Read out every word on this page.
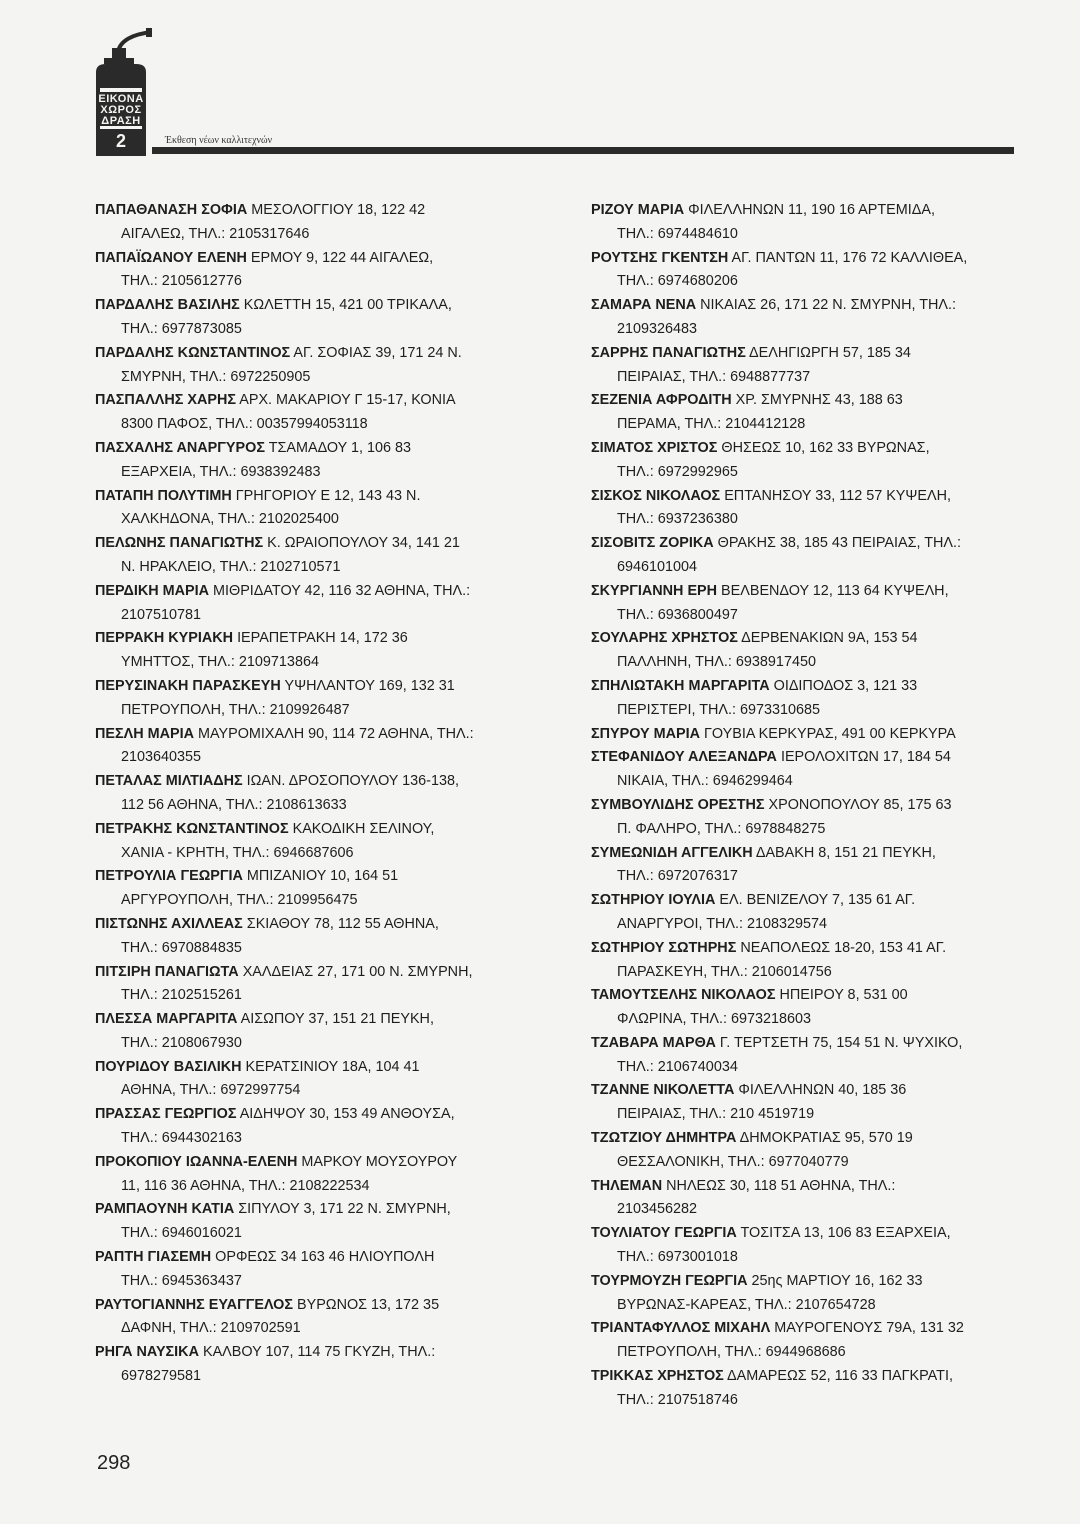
ΕΙΚΟΝΑ
ΧΩΡΟΣ
ΔΡΑΣΗ
2	Έκθεση νέων καλλιτεχνών
ΠΑΠΑΘΑΝΑΣΗ ΣΟΦΙΑ ΜΕΣΟΛΟΓΓΙΟΥ 18, 122 42
ΑΙΓΑΛΕΩ, ΤΗΛ.: 2105317646
ΠΑΠΑΪΩΑΝΟΥ ΕΛΕΝΗ ΕΡΜΟΥ 9, 122 44 ΑΙΓΑΛΕΩ,
ΤΗΛ.: 2105612776
ΠΑΡΔΑΛΗΣ ΒΑΣΙΛΗΣ ΚΩΛΕΤΤΗ 15, 421 00 ΤΡΙΚΑΛΑ,
ΤΗΛ.: 6977873085
ΠΑΡΔΑΛΗΣ ΚΩΝΣΤΑΝΤΙΝΟΣ ΑΓ. ΣΟΦΙΑΣ 39, 171 24 Ν.
ΣΜΥΡΝΗ, ΤΗΛ.: 6972250905
ΠΑΣΠΑΛΛΗΣ ΧΑΡΗΣ ΑΡΧ. ΜΑΚΑΡΙΟΥ Γ 15-17, ΚΟΝΙΑ
8300 ΠΑΦΟΣ, ΤΗΛ.: 00357994053118
ΠΑΣΧΑΛΗΣ ΑΝΑΡΓΥΡΟΣ ΤΣΑΜΑΔΟΥ 1, 106 83
ΕΞΑΡΧΕΙΑ, ΤΗΛ.: 6938392483
ΠΑΤΑΠΗ ΠΟΛΥΤΙΜΗ ΓΡΗΓΟΡΙΟΥ Ε 12, 143 43 Ν.
ΧΑΛΚΗΔΟΝΑ, ΤΗΛ.: 2102025400
ΠΕΛΩΝΗΣ ΠΑΝΑΓΙΩΤΗΣ Κ. ΩΡΑΙΟΠΟΥΛΟΥ 34, 141 21
Ν. ΗΡΑΚΛΕΙΟ, ΤΗΛ.: 2102710571
ΠΕΡΔΙΚΗ ΜΑΡΙΑ ΜΙΘΡΙΔΑΤΟΥ 42, 116 32 ΑΘΗΝΑ, ΤΗΛ.:
2107510781
ΠΕΡΡΑΚΗ ΚΥΡΙΑΚΗ ΙΕΡΑΠΕΤΡΑΚΗ 14, 172 36
ΥΜΗΤΤΟΣ, ΤΗΛ.: 2109713864
ΠΕΡΥΣΙΝΑΚΗ ΠΑΡΑΣΚΕΥΗ ΥΨΗΛΑΝΤΟΥ 169, 132 31
ΠΕΤΡΟΥΠΟΛΗ, ΤΗΛ.: 2109926487
ΠΕΣΛΗ ΜΑΡΙΑ ΜΑΥΡΟΜΙΧΑΛΗ 90, 114 72 ΑΘΗΝΑ, ΤΗΛ.:
2103640355
ΠΕΤΑΛΑΣ ΜΙΛΤΙΑΔΗΣ ΙΩΑΝ. ΔΡΟΣΟΠΟΥΛΟΥ 136-138,
112 56 ΑΘΗΝΑ, ΤΗΛ.: 2108613633
ΠΕΤΡΑΚΗΣ ΚΩΝΣΤΑΝΤΙΝΟΣ ΚΑΚΟΔΙΚΗ ΣΕΛΙΝΟΥ,
ΧΑΝΙΑ - ΚΡΗΤΗ, ΤΗΛ.: 6946687606
ΠΕΤΡΟΥΛΙΑ ΓΕΩΡΓΙΑ ΜΠΙΖΑΝΙΟΥ 10, 164 51
ΑΡΓΥΡΟΥΠΟΛΗ, ΤΗΛ.: 2109956475
ΠΙΣΤΩΝΗΣ ΑΧΙΛΛΕΑΣ ΣΚΙΑΘΟΥ 78, 112 55 ΑΘΗΝΑ,
ΤΗΛ.: 6970884835
ΠΙΤΣΙΡΗ ΠΑΝΑΓΙΩΤΑ ΧΑΛΔΕΙΑΣ 27, 171 00 Ν. ΣΜΥΡΝΗ,
ΤΗΛ.: 2102515261
ΠΛΕΣΣΑ ΜΑΡΓΑΡΙΤΑ ΑΙΣΩΠΟΥ 37, 151 21 ΠΕΥΚΗ,
ΤΗΛ.: 2108067930
ΠΟΥΡΙΔΟΥ ΒΑΣΙΛΙΚΗ ΚΕΡΑΤΣΙΝΙΟΥ 18Α, 104 41
ΑΘΗΝΑ, ΤΗΛ.: 6972997754
ΠΡΑΣΣΑΣ ΓΕΩΡΓΙΟΣ ΑΙΔΗΨΟΥ 30, 153 49 ΑΝΘΟΥΣΑ,
ΤΗΛ.: 6944302163
ΠΡΟΚΟΠΙΟΥ ΙΩΑΝΝΑ-ΕΛΕΝΗ ΜΑΡΚΟΥ ΜΟΥΣΟΥΡΟΥ
11, 116 36 ΑΘΗΝΑ, ΤΗΛ.: 2108222534
ΡΑΜΠΑΟΥΝΗ ΚΑΤΙΑ ΣΙΠΥΛΟΥ 3, 171 22 Ν. ΣΜΥΡΝΗ,
ΤΗΛ.: 6946016021
ΡΑΠΤΗ ΓΙΑΣΕΜΗ ΟΡΦΕΩΣ 34 163 46 ΗΛΙΟΥΠΟΛΗ
ΤΗΛ.: 6945363437
ΡΑΥΤΟΓΙΑΝΝΗΣ ΕΥΑΓΓΕΛΟΣ ΒΥΡΩΝΟΣ 13, 172 35
ΔΑΦΝΗ, ΤΗΛ.: 2109702591
ΡΗΓΑ ΝΑΥΣΙΚΑ ΚΑΛΒΟΥ 107, 114 75 ΓΚΥΖΗ, ΤΗΛ.:
6978279581
ΡΙΖΟΥ ΜΑΡΙΑ ΦΙΛΕΛΛΗΝΩΝ 11, 190 16 ΑΡΤΕΜΙΔΑ,
ΤΗΛ.: 6974484610
ΡΟΥΤΣΗΣ ΓΚΕΝΤΣΗ ΑΓ. ΠΑΝΤΩΝ 11, 176 72 ΚΑΛΛΙΘΕΑ,
ΤΗΛ.: 6974680206
ΣΑΜΑΡΑ ΝΕΝΑ ΝΙΚΑΙΑΣ 26, 171 22 Ν. ΣΜΥΡΝΗ, ΤΗΛ.:
2109326483
ΣΑΡΡΗΣ ΠΑΝΑΓΙΩΤΗΣ ΔΕΛΗΓΙΩΡΓΗ 57, 185 34
ΠΕΙΡΑΙΑΣ, ΤΗΛ.: 6948877737
ΣΕΖΕΝΙΑ ΑΦΡΟΔΙΤΗ ΧΡ. ΣΜΥΡΝΗΣ 43, 188 63
ΠΕΡΑΜΑ, ΤΗΛ.: 2104412128
ΣΙΜΑΤΟΣ ΧΡΙΣΤΟΣ ΘΗΣΕΩΣ 10, 162 33 ΒΥΡΩΝΑΣ,
ΤΗΛ.: 6972992965
ΣΙΣΚΟΣ ΝΙΚΟΛΑΟΣ ΕΠΤΑΝΗΣΟΥ 33, 112 57 ΚΥΨΕΛΗ,
ΤΗΛ.: 6937236380
ΣΙΣΟΒΙΤΣ ΖΟΡΙΚΑ ΘΡΑΚΗΣ 38, 185 43 ΠΕΙΡΑΙΑΣ, ΤΗΛ.:
6946101004
ΣΚΥΡΓΙΑΝΝΗ ΕΡΗ ΒΕΛΒΕΝΔΟΥ 12, 113 64 ΚΥΨΕΛΗ,
ΤΗΛ.: 6936800497
ΣΟΥΛΑΡΗΣ ΧΡΗΣΤΟΣ ΔΕΡΒΕΝΑΚΙΩΝ 9Α, 153 54
ΠΑΛΛΗΝΗ, ΤΗΛ.: 6938917450
ΣΠΗΛΙΩΤΑΚΗ ΜΑΡΓΑΡΙΤΑ ΟΙΔΙΠΟΔΟΣ 3, 121 33
ΠΕΡΙΣΤΕΡΙ, ΤΗΛ.: 6973310685
ΣΠΥΡΟΥ ΜΑΡΙΑ ΓΟΥΒΙΑ ΚΕΡΚΥΡΑΣ, 491 00 ΚΕΡΚΥΡΑ
ΣΤΕΦΑΝΙΔΟΥ ΑΛΕΞΑΝΔΡΑ ΙΕΡΟΛΟΧΙΤΩΝ 17, 184 54
ΝΙΚΑΙΑ, ΤΗΛ.: 6946299464
ΣΥΜΒΟΥΛΙΔΗΣ ΟΡΕΣΤΗΣ ΧΡΟΝΟΠΟΥΛΟΥ 85, 175 63
Π. ΦΑΛΗΡΟ, ΤΗΛ.: 6978848275
ΣΥΜΕΩΝΙΔΗ ΑΓΓΕΛΙΚΗ ΔΑΒΑΚΗ 8, 151 21 ΠΕΥΚΗ,
ΤΗΛ.: 6972076317
ΣΩΤΗΡΙΟΥ ΙΟΥΛΙΑ ΕΛ. ΒΕΝΙΖΕΛΟΥ 7, 135 61 ΑΓ.
ΑΝΑΡΓΥΡΟΙ, ΤΗΛ.: 2108329574
ΣΩΤΗΡΙΟΥ ΣΩΤΗΡΗΣ ΝΕΑΠΟΛΕΩΣ 18-20, 153 41 ΑΓ.
ΠΑΡΑΣΚΕΥΗ, ΤΗΛ.: 2106014756
ΤΑΜΟΥΤΣΕΛΗΣ ΝΙΚΟΛΑΟΣ ΗΠΕΙΡΟΥ 8, 531 00
ΦΛΩΡΙΝΑ, ΤΗΛ.: 6973218603
ΤΖΑΒΑΡΑ ΜΑΡΘΑ Γ. ΤΕΡΤΣΕΤΗ 75, 154 51 Ν. ΨΥΧΙΚΟ,
ΤΗΛ.: 2106740034
ΤΖΑΝΝΕ ΝΙΚΟΛΕΤΤΑ ΦΙΛΕΛΛΗΝΩΝ 40, 185 36
ΠΕΙΡΑΙΑΣ, ΤΗΛ.: 210 4519719
ΤΖΩΤΖΙΟΥ ΔΗΜΗΤΡΑ ΔΗΜΟΚΡΑΤΙΑΣ 95, 570 19
ΘΕΣΣΑΛΟΝΙΚΗ, ΤΗΛ.: 6977040779
ΤΗΛΕΜΑΝ ΝΗΛΕΩΣ 30, 118 51 ΑΘΗΝΑ, ΤΗΛ.:
2103456282
ΤΟΥΛΙΑΤΟΥ ΓΕΩΡΓΙΑ ΤΟΣΙΤΣΑ 13, 106 83 ΕΞΑΡΧΕΙΑ,
ΤΗΛ.: 6973001018
ΤΟΥΡΜΟΥΖΗ ΓΕΩΡΓΙΑ 25ης ΜΑΡΤΙΟΥ 16, 162 33
ΒΥΡΩΝΑΣ-ΚΑΡΕΑΣ, ΤΗΛ.: 2107654728
ΤΡΙΑΝΤΑΦΥΛΛΟΣ ΜΙΧΑΗΛ ΜΑΥΡΟΓΕΝΟΥΣ 79Α, 131 32
ΠΕΤΡΟΥΠΟΛΗ, ΤΗΛ.: 6944968686
ΤΡΙΚΚΑΣ ΧΡΗΣΤΟΣ ΔΑΜΑΡΕΩΣ 52, 116 33 ΠΑΓΚΡΑΤΙ,
ΤΗΛ.: 2107518746
298
